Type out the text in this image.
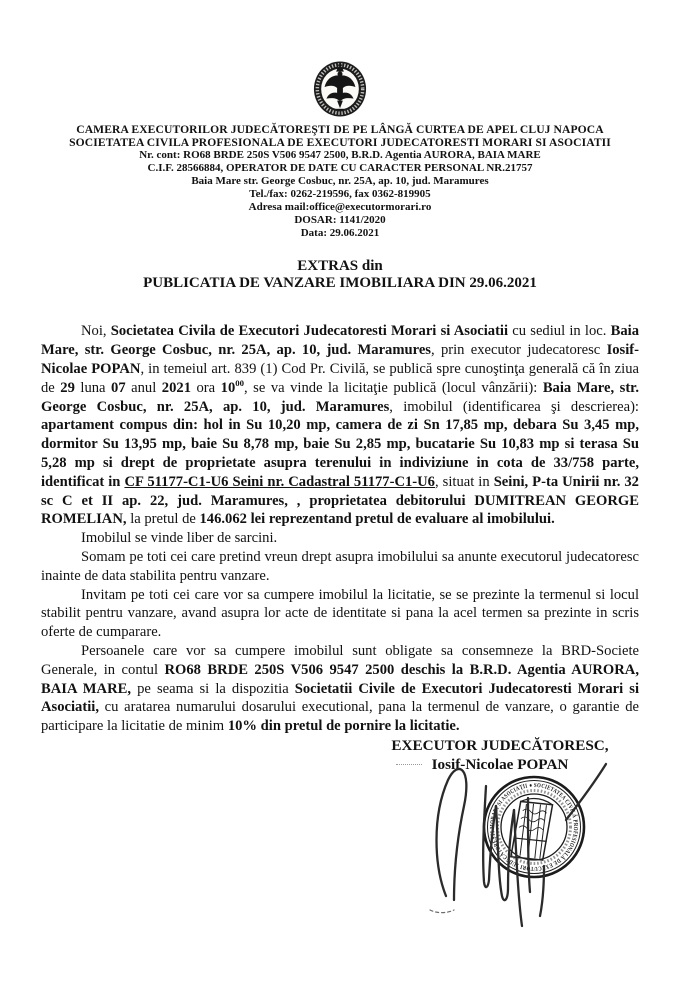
CAMERA EXECUTORILOR JUDECĂTOREŞTI DE PE LÂNGĂ CURTEA DE APEL CLUJ NAPOCA
SOCIETATEA CIVILA PROFESIONALA DE EXECUTORI JUDECATORESTI MORARI SI ASOCIATII
Nr. cont: RO68 BRDE 250S V506 9547 2500, B.R.D. Agentia AURORA, BAIA MARE
C.I.F. 28566884, OPERATOR DE DATE CU CARACTER PERSONAL NR.21757
Baia Mare str. George Cosbuc, nr. 25A, ap. 10, jud. Maramures
Tel./fax: 0262-219596, fax 0362-819905
Adresa mail:office@executormorari.ro
DOSAR: 1141/2020
Data: 29.06.2021
EXTRAS din
PUBLICATIA DE VANZARE IMOBILIARA DIN 29.06.2021

Noi, Societatea Civila de Executori Judecatoresti Morari si Asociatii cu sediul in loc. Baia Mare, str. George Cosbuc, nr. 25A, ap. 10, jud. Maramures, prin executor judecatoresc Iosif-Nicolae POPAN, in temeiul art. 839 (1) Cod Pr. Civilă, se publică spre cunoştinţa generală că în ziua de 29 luna 07 anul 2021 ora $10^{00}$, se va vinde la licitaţie publică (locul vânzării): Baia Mare, str. George Cosbuc, nr. 25A, ap. 10, jud. Maramures, imobilul (identificarea şi descrierea): apartament compus din: hol in Su 10,20 mp, camera de zi Sn 17,85 mp, debara Su 3,45 mp, dormitor Su 13,95 mp, baie Su 8,78 mp, baie Su 2,85 mp, bucatarie Su 10,83 mp si terasa Su 5,28 mp si drept de proprietate asupra terenului in indiviziune in cota de 33/758 parte, identificat in CF 51177-C1-U6 Seini nr. Cadastral 51177-C1-U6, situat in Seini, P-ta Unirii nr. 32 sc C et II ap. 22, jud. Maramures, , proprietatea debitorului DUMITREAN GEORGE ROMELIAN, la pretul de 146.062 lei reprezentand pretul de evaluare al imobilului.

Imobilul se vinde liber de sarcini.

Somam pe toti cei care pretind vreun drept asupra imobilului sa anunte executorul judecatoresc inainte de data stabilita pentru vanzare.

Invitam pe toti cei care vor sa cumpere imobilul la licitatie, se se prezinte la termenul si locul stabilit pentru vanzare, avand asupra lor acte de identitate si pana la acel termen sa prezinte in scris oferte de cumparare.

Persoanele care vor sa cumpere imobilul sunt obligate sa consemneze la BRD-Societe Generale, in contul RO68 BRDE 250S V506 9547 2500 deschis la B.R.D. Agentia AURORA, BAIA MARE, pe seama si la dispozitia Societatii Civile de Executori Judecatoresti Morari si Asociatii, cu aratarea numarului dosarului executional, pana la termenul de vanzare, o garantie de participare la licitatie de minim 10% din pretul de pornire la licitatie.

EXECUTOR JUDECĂTORESC,
Iosif-Nicolae POPAN
SOCIETATEA CIVILĂ PROFESIONALĂ DE EXECUTORI JUDECĂTOREŞTI MORARI SI ASOCIAŢII ●
